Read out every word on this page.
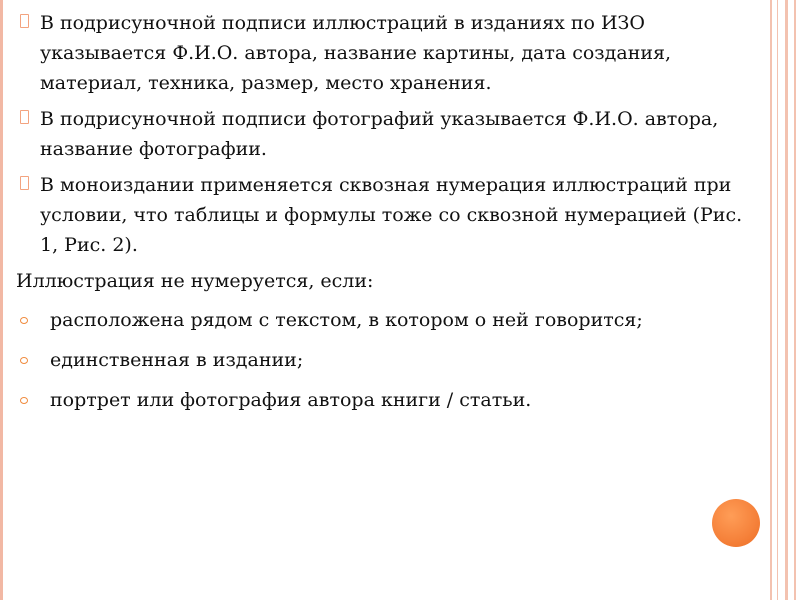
В подрисуночной подписи иллюстраций в изданиях по ИЗО указывается Ф.И.О. автора, название картины, дата создания, материал, техника, размер, место хранения.
В подрисуночной подписи фотографий указывается Ф.И.О. автора, название фотографии.
В моноиздании применяется сквозная нумерация иллюстраций при условии, что таблицы и формулы тоже со сквозной нумерацией (Рис. 1, Рис. 2).
Иллюстрация не нумеруется, если:
расположена рядом с текстом, в котором о ней говорится;
единственная в издании;
портрет или фотография автора книги / статьи.
